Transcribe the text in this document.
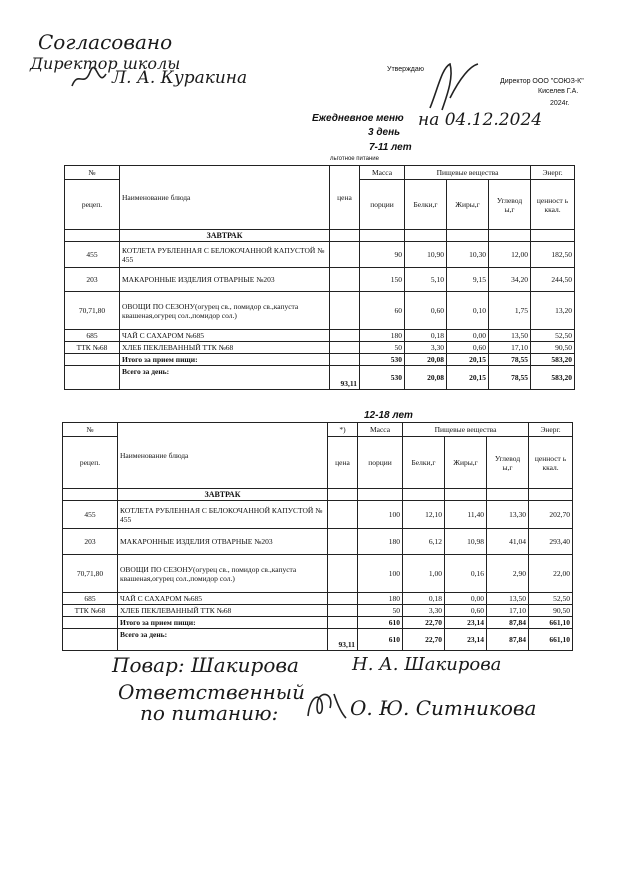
Согласовано
Директор школы
Л. А. Куракина	Утверждаю
Директор ООО "СОЮЗ-К"
Киселев Г.А.
2024г.
Ежедневное меню на 04.12.2024
3 день
7-11 лет
льготное питание
№	Наименование блюда	цена	Масса	Пищевые вещества			Энерг.
рецеп.			порции	Белки,г	Жиры,г	Углевод ы,г	ценност ь ккал.
	ЗАВТРАК						
455	КОТЛЕТА РУБЛЕННАЯ С БЕЛОКОЧАННОЙ КАПУСТОЙ № 455		90	10,90	10,30	12,00	182,50
203	МАКАРОННЫЕ ИЗДЕЛИЯ ОТВАРНЫЕ №203		150	5,10	9,15	34,20	244,50
70,71,80	ОВОЩИ ПО СЕЗОНУ(огурец св., помидор св.,капуста квашеная,огурец сол.,помидор сол.)		60	0,60	0,10	1,75	13,20
685	ЧАЙ С САХАРОМ №685		180	0,18	0,00	13,50	52,50
ТТК №68	ХЛЕБ ПЕКЛЕВАННЫЙ ТТК №68		50	3,30	0,60	17,10	90,50
	Итого за прием пищи:		530	20,08	20,15	78,55	583,20
	Всего за день:	93,11	530	20,08	20,15	78,55	583,20
12-18 лет
№	Наименование блюда	*)	Масса	Пищевые вещества			Энерг.
рецеп.		цена	порции	Белки,г	Жиры,г	Углевод ы,г	ценност ь ккал.
	ЗАВТРАК						
455	КОТЛЕТА РУБЛЕННАЯ С БЕЛОКОЧАННОЙ КАПУСТОЙ № 455		100	12,10	11,40	13,30	202,70
203	МАКАРОННЫЕ ИЗДЕЛИЯ ОТВАРНЫЕ №203		180	6,12	10,98	41,04	293,40
70,71,80	ОВОЩИ ПО СЕЗОНУ(огурец св., помидор св.,капуста квашеная,огурец сол.,помидор сол.)		100	1,00	0,16	2,90	22,00
685	ЧАЙ С САХАРОМ №685		180	0,18	0,00	13,50	52,50
ТТК №68	ХЛЕБ ПЕКЛЕВАННЫЙ ТТК №68		50	3,30	0,60	17,10	90,50
	Итого за прием пищи:		610	22,70	23,14	87,84	661,10
	Всего за день:	93,11	610	22,70	23,14	87,84	661,10
Повар: Шакирова	Н. А. Шакирова
Ответственный
по питанию:	О. Ю. Ситникова
